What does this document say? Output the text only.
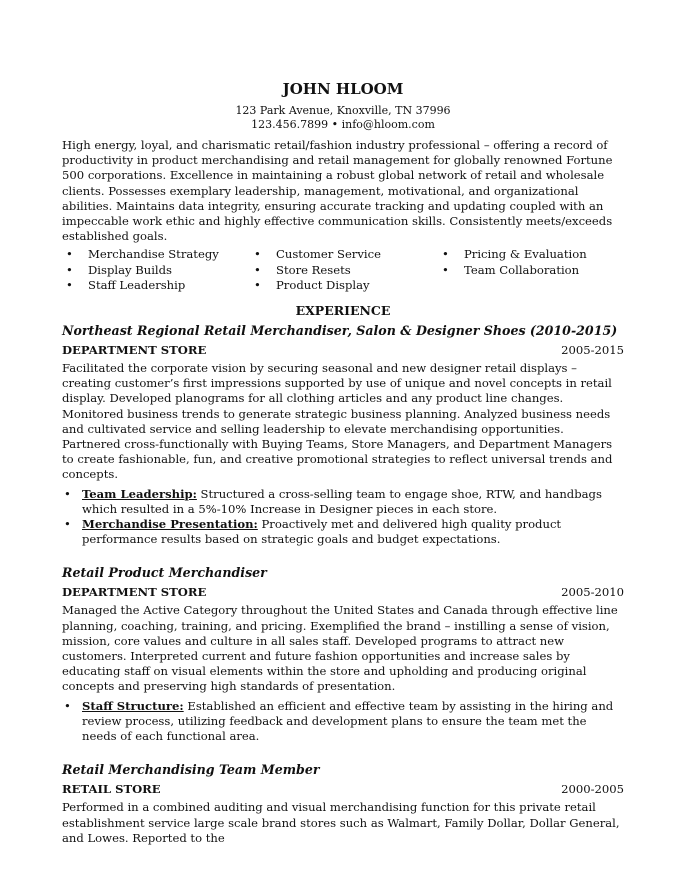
JOHN HLOOM
123 Park Avenue, Knoxville, TN 37996
123.456.7899 • info@hloom.com
High energy, loyal, and charismatic retail/fashion industry professional – offering a record of productivity in product merchandising and retail management for globally renowned Fortune 500 corporations. Excellence in maintaining a robust global network of retail and wholesale clients. Possesses exemplary leadership, management, motivational, and organizational abilities. Maintains data integrity, ensuring accurate tracking and updating coupled with an impeccable work ethic and highly effective communication skills. Consistently meets/exceeds established goals.
• Merchandise Strategy
• Display Builds
• Staff Leadership
• Customer Service
• Store Resets
• Product Display
• Pricing & Evaluation
• Team Collaboration
EXPERIENCE
Northeast Regional Retail Merchandiser, Salon & Designer Shoes (2010-2015)
DEPARTMENT STORE	2005-2015
Facilitated the corporate vision by securing seasonal and new designer retail displays – creating customer’s first impressions supported by use of unique and novel concepts in retail display. Developed planograms for all clothing articles and any product line changes. Monitored business trends to generate strategic business planning. Analyzed business needs and cultivated service and selling leadership to elevate merchandising opportunities. Partnered cross-functionally with Buying Teams, Store Managers, and Department Managers to create fashionable, fun, and creative promotional strategies to reflect universal trends and concepts.
• Team Leadership: Structured a cross-selling team to engage shoe, RTW, and handbags which resulted in a 5%-10% Increase in Designer pieces in each store.
• Merchandise Presentation: Proactively met and delivered high quality product performance results based on strategic goals and budget expectations.
Retail Product Merchandiser
DEPARTMENT STORE	2005-2010
Managed the Active Category throughout the United States and Canada through effective line planning, coaching, training, and pricing. Exemplified the brand – instilling a sense of vision, mission, core values and culture in all sales staff. Developed programs to attract new customers. Interpreted current and future fashion opportunities and increase sales by educating staff on visual elements within the store and upholding and producing original concepts and preserving high standards of presentation.
• Staff Structure: Established an efficient and effective team by assisting in the hiring and review process, utilizing feedback and development plans to ensure the team met the needs of each functional area.
Retail Merchandising Team Member
RETAIL STORE	2000-2005
Performed in a combined auditing and visual merchandising function for this private retail establishment service large scale brand stores such as Walmart, Family Dollar, Dollar General, and Lowes. Reported to the
